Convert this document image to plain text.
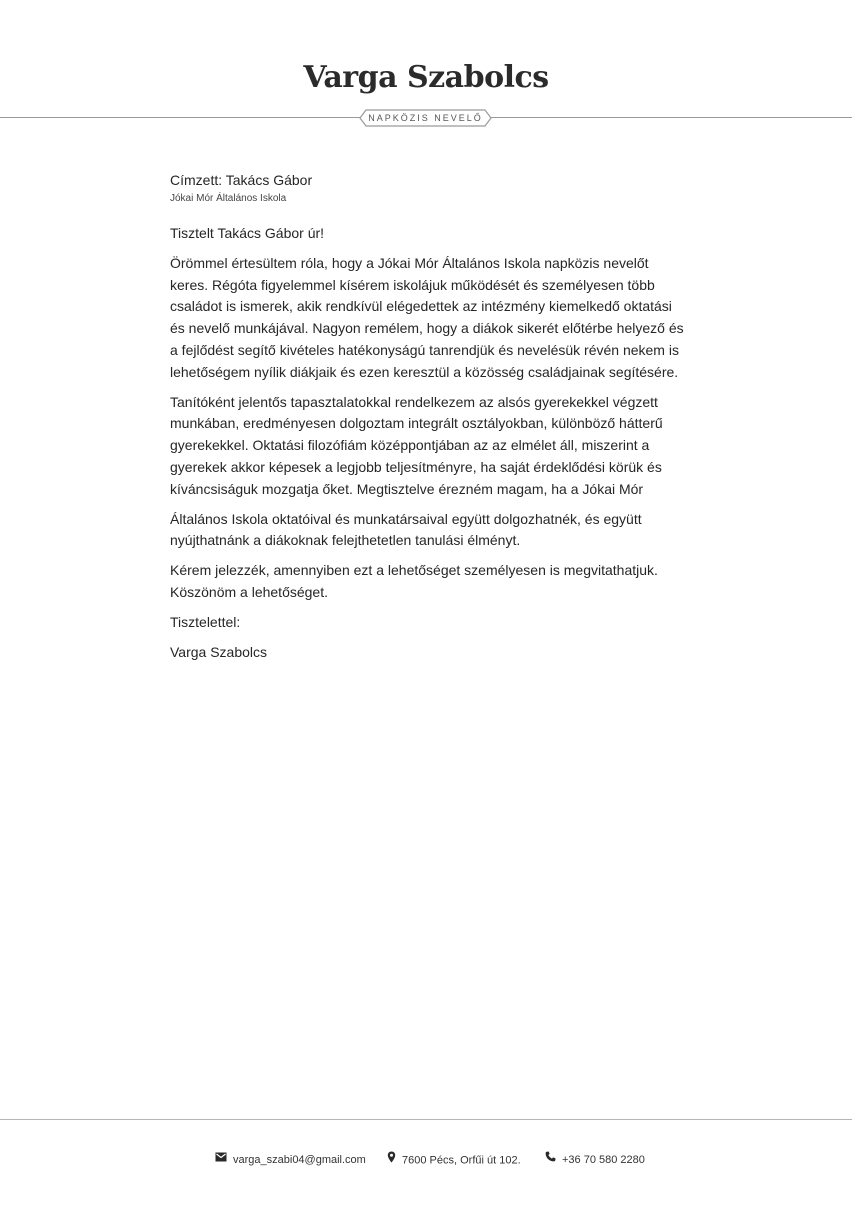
Varga Szabolcs
NAPKÖZIS NEVELŐ

Címzett: Takács Gábor

Jókai Mór Általános Iskola

Tisztelt Takács Gábor úr!

Örömmel értesültem róla, hogy a Jókai Mór Általános Iskola napközis nevelőt keres. Régóta figyelemmel kísérem iskolájuk működését és személyesen több családot is ismerek, akik rendkívül elégedettek az intézmény kiemelkedő oktatási és nevelő munkájával. Nagyon remélem, hogy a diákok sikerét előtérbe helyező és a fejlődést segítő kivételes hatékonyságú tanrendjük és nevelésük révén nekem is lehetőségem nyílik diákjaik és ezen keresztül a közösség családjainak segítésére.

Tanítóként jelentős tapasztalatokkal rendelkezem az alsós gyerekekkel végzett munkában, eredményesen dolgoztam integrált osztályokban, különböző hátterű gyerekekkel. Oktatási filozófiám középpontjában az az elmélet áll, miszerint a gyerekek akkor képesek a legjobb teljesítményre, ha saját érdeklődési körük és kíváncsiságuk mozgatja őket. Megtisztelve érezném magam, ha a Jókai Mór

Általános Iskola oktatóival és munkatársaival együtt dolgozhatnék, és együtt nyújthatnánk a diákoknak felejthetetlen tanulási élményt.

Kérem jelezzék, amennyiben ezt a lehetőséget személyesen is megvitathatjuk. Köszönöm a lehetőséget.

Tisztelettel:

Varga Szabolcs

varga_szabi04@gmail.com	7600 Pécs, Orfűi út 102.	+36 70 580 2280
